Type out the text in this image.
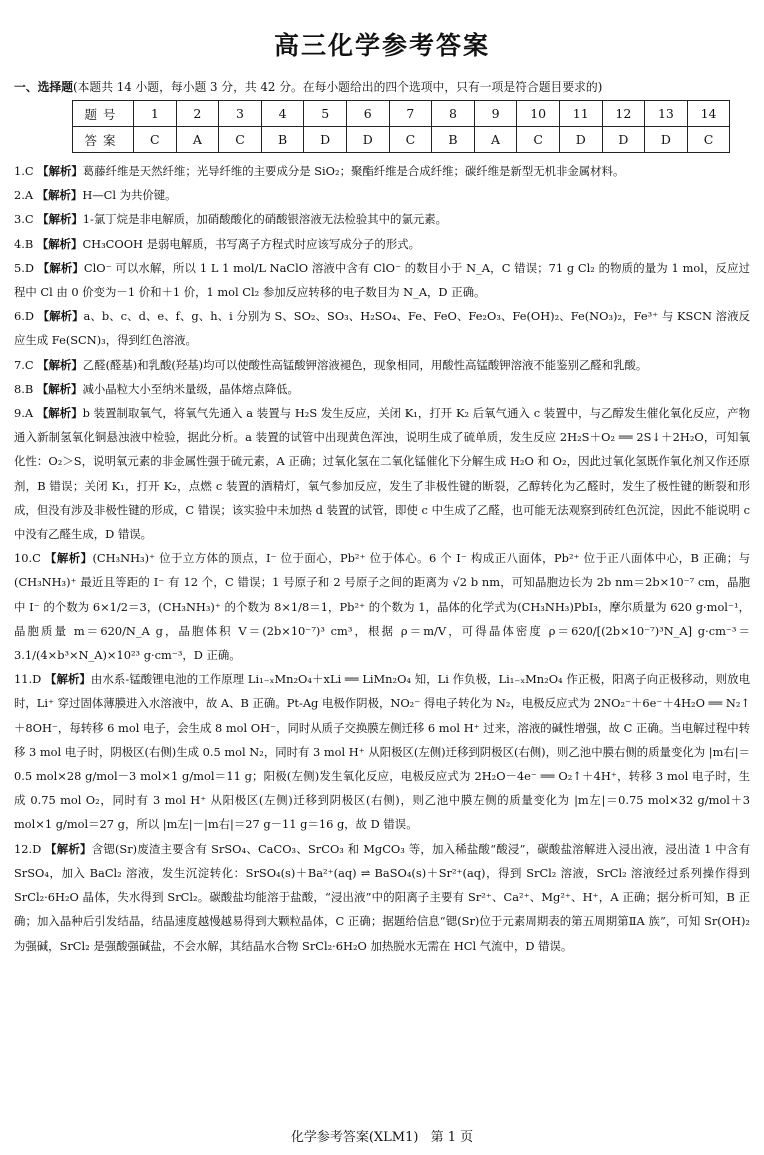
高三化学参考答案
一、选择题(本题共 14 小题，每小题 3 分，共 42 分。在每小题给出的四个选项中，只有一项是符合题目要求的)
题号	1	2	3	4	5	6	7	8	9	10	11	12	13	14
答案	C	A	C	B	D	D	C	B	A	C	D	D	D	C
1.C 【解析】葛藤纤维是天然纤维；光导纤维的主要成分是 SiO₂；聚酯纤维是合成纤维；碳纤维是新型无机非金属材料。
2.A 【解析】H—Cl 为共价键。
3.C 【解析】1-氯丁烷是非电解质，加硝酸酸化的硝酸银溶液无法检验其中的氯元素。
4.B 【解析】CH₃COOH 是弱电解质，书写离子方程式时应该写成分子的形式。
5.D 【解析】ClO⁻ 可以水解，所以 1 L 1 mol/L NaClO 溶液中含有 ClO⁻ 的数目小于 N_A，C 错误；71 g Cl₂ 的物质的量为 1 mol，反应过程中 Cl 由 0 价变为－1 价和＋1 价，1 mol Cl₂ 参加反应转移的电子数目为 N_A，D 正确。
6.D 【解析】a、b、c、d、e、f、g、h、i 分别为 S、SO₂、SO₃、H₂SO₄、Fe、FeO、Fe₂O₃、Fe(OH)₂、Fe(NO₃)₂，Fe³⁺ 与 KSCN 溶液反应生成 Fe(SCN)₃，得到红色溶液。
7.C 【解析】乙醛(醛基)和乳酸(羟基)均可以使酸性高锰酸钾溶液褪色，现象相同，用酸性高锰酸钾溶液不能鉴别乙醛和乳酸。
8.B 【解析】减小晶粒大小至纳米量级，晶体熔点降低。
9.A 【解析】b 装置制取氧气，将氧气先通入 a 装置与 H₂S 发生反应，关闭 K₁，打开 K₂ 后氧气通入 c 装置中，与乙醇发生催化氧化反应，产物通入新制氢氧化铜悬浊液中检验，据此分析。a 装置的试管中出现黄色浑浊，说明生成了硫单质，发生反应 2H₂S＋O₂ ══ 2S↓＋2H₂O，可知氧化性：O₂＞S，说明氧元素的非金属性强于硫元素，A 正确；过氧化氢在二氧化锰催化下分解生成 H₂O 和 O₂，因此过氧化氢既作氧化剂又作还原剂，B 错误；关闭 K₁，打开 K₂，点燃 c 装置的酒精灯，氧气参加反应，发生了非极性键的断裂，乙醇转化为乙醛时，发生了极性键的断裂和形成，但没有涉及非极性键的形成，C 错误；该实验中未加热 d 装置的试管，即使 c 中生成了乙醛，也可能无法观察到砖红色沉淀，因此不能说明 c 中没有乙醛生成，D 错误。
10.C 【解析】(CH₃NH₃)⁺ 位于立方体的顶点，I⁻ 位于面心，Pb²⁺ 位于体心。6 个 I⁻ 构成正八面体，Pb²⁺ 位于正八面体中心，B 正确；与(CH₃NH₃)⁺ 最近且等距的 I⁻ 有 12 个，C 错误；1 号原子和 2 号原子之间的距离为 √2 b nm，可知晶胞边长为 2b nm＝2b×10⁻⁷ cm，晶胞中 I⁻ 的个数为 6×1/2＝3，(CH₃NH₃)⁺ 的个数为 8×1/8＝1，Pb²⁺ 的个数为 1，晶体的化学式为(CH₃NH₃)PbI₃，摩尔质量为 620 g·mol⁻¹，晶胞质量 m＝620/N_A g，晶胞体积 V＝(2b×10⁻⁷)³ cm³，根据 ρ＝m/V，可得晶体密度 ρ＝620/[(2b×10⁻⁷)³N_A] g·cm⁻³＝3.1/(4×b³×N_A)×10²³ g·cm⁻³，D 正确。
11.D 【解析】由水系-锰酸锂电池的工作原理 Li₁₋ₓMn₂O₄＋xLi ══ LiMn₂O₄ 知，Li 作负极，Li₁₋ₓMn₂O₄ 作正极，阳离子向正极移动，则放电时，Li⁺ 穿过固体薄膜进入水溶液中，故 A、B 正确。Pt-Ag 电极作阴极，NO₂⁻ 得电子转化为 N₂，电极反应式为 2NO₂⁻＋6e⁻＋4H₂O ══ N₂↑＋8OH⁻，每转移 6 mol 电子，会生成 8 mol OH⁻，同时从质子交换膜左侧迁移 6 mol H⁺ 过来，溶液的碱性增强，故 C 正确。当电解过程中转移 3 mol 电子时，阴极区(右侧)生成 0.5 mol N₂，同时有 3 mol H⁺ 从阳极区(左侧)迁移到阴极区(右侧)，则乙池中膜右侧的质量变化为 |m右|＝0.5 mol×28 g/mol－3 mol×1 g/mol＝11 g；阳极(左侧)发生氧化反应，电极反应式为 2H₂O－4e⁻ ══ O₂↑＋4H⁺，转移 3 mol 电子时，生成 0.75 mol O₂，同时有 3 mol H⁺ 从阳极区(左侧)迁移到阴极区(右侧)，则乙池中膜左侧的质量变化为 |m左|＝0.75 mol×32 g/mol＋3 mol×1 g/mol＝27 g，所以 |m左|－|m右|＝27 g－11 g＝16 g，故 D 错误。
12.D 【解析】含锶(Sr)废渣主要含有 SrSO₄、CaCO₃、SrCO₃ 和 MgCO₃ 等，加入稀盐酸“酸浸”，碳酸盐溶解进入浸出液，浸出渣 1 中含有 SrSO₄，加入 BaCl₂ 溶液，发生沉淀转化：SrSO₄(s)＋Ba²⁺(aq) ⇌ BaSO₄(s)＋Sr²⁺(aq)，得到 SrCl₂ 溶液，SrCl₂ 溶液经过系列操作得到 SrCl₂·6H₂O 晶体，失水得到 SrCl₂。碳酸盐均能溶于盐酸，“浸出液”中的阳离子主要有 Sr²⁺、Ca²⁺、Mg²⁺、H⁺，A 正确；据分析可知，B 正确；加入晶种后引发结晶，结晶速度越慢越易得到大颗粒晶体，C 正确；据题给信息“锶(Sr)位于元素周期表的第五周期第ⅡA 族”，可知 Sr(OH)₂ 为强碱，SrCl₂ 是强酸强碱盐，不会水解，其结晶水合物 SrCl₂·6H₂O 加热脱水无需在 HCl 气流中，D 错误。
化学参考答案(XLM1) 第 1 页
